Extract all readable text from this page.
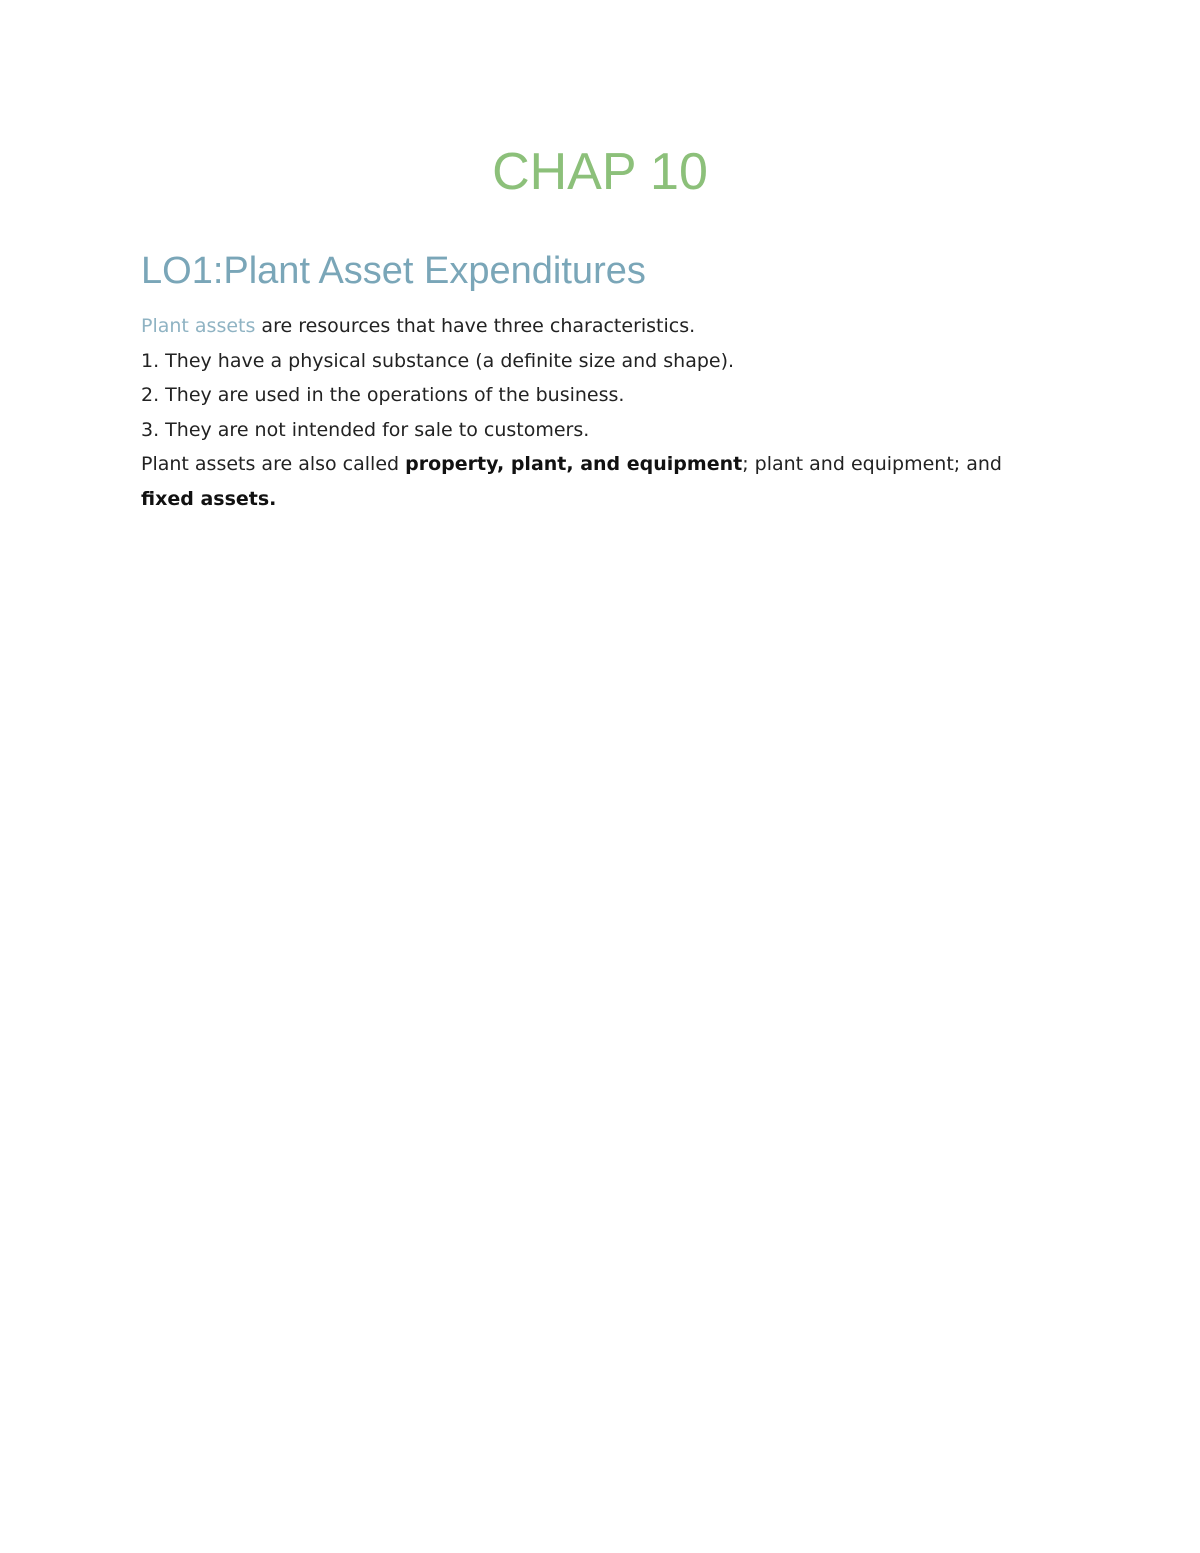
CHAP 10
LO1:Plant Asset Expenditures

Plant assets are resources that have three characteristics.

1. They have a physical substance (a definite size and shape).

2. They are used in the operations of the business.

3. They are not intended for sale to customers.

Plant assets are also called property, plant, and equipment; plant and equipment; and

fixed assets.
